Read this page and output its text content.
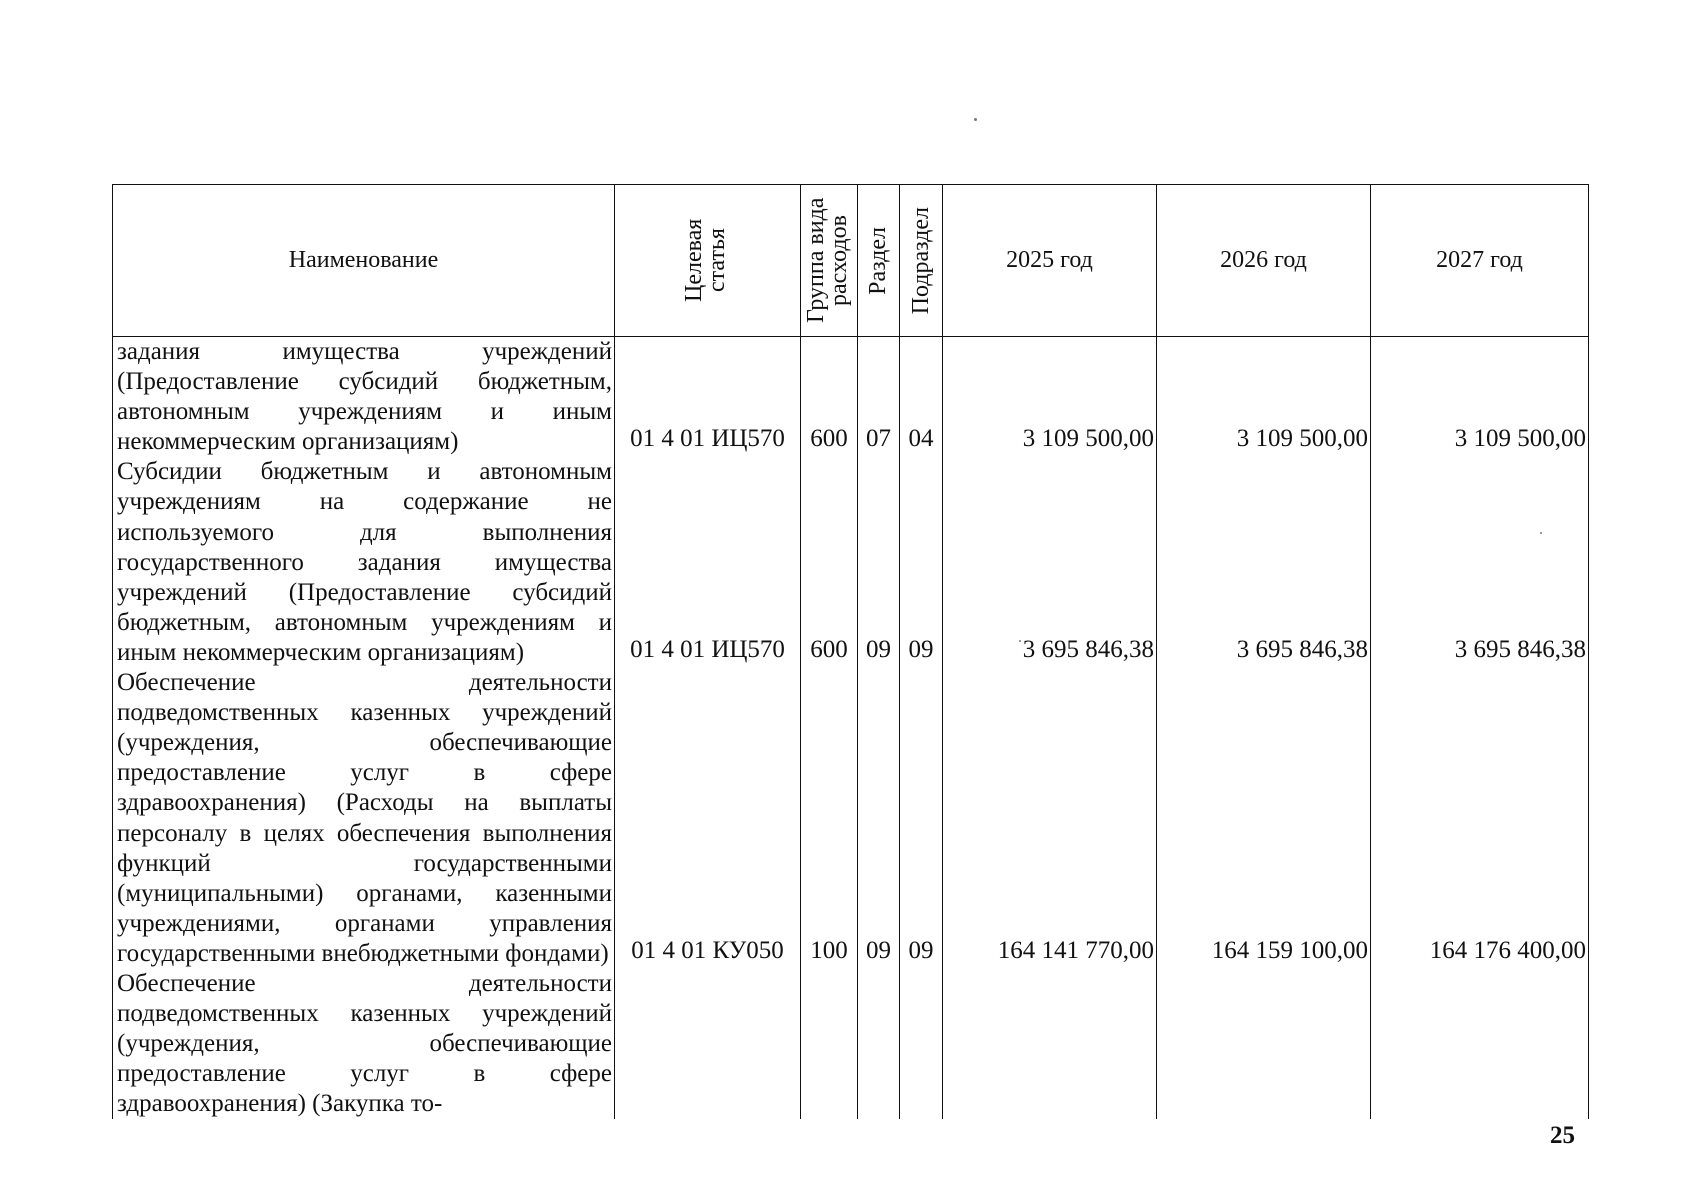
Наименование	Целевая статья	Группа вида расходов	Раздел	Подраздел	2025 год	2026 год	2027 год
задания имущества учреждений (Предоставление субсидий бюджетным, автономным учреждениям и иным некоммерческим организациям)	01 4 01 ИЦ570	600	07	04	3 109 500,00	3 109 500,00	3 109 500,00
Субсидии бюджетным и автономным учреждениям на содержание не используемого для выполнения государственного задания имущества учреждений (Предоставление субсидий бюджетным, автономным учреждениям и иным некоммерческим организациям)	01 4 01 ИЦ570	600	09	09	3 695 846,38	3 695 846,38	3 695 846,38
Обеспечение деятельности подведомственных казенных учреждений (учреждения, обеспечивающие предоставление услуг в сфере здравоохранения) (Расходы на выплаты персоналу в целях обеспечения выполнения функций государственными (муниципальными) органами, казенными учреждениями, органами управления государственными внебюджетными фондами)	01 4 01 КУ050	100	09	09	164 141 770,00	164 159 100,00	164 176 400,00
Обеспечение деятельности подведомственных казенных учреждений (учреждения, обеспечивающие предоставление услуг в сфере здравоохранения) (Закупка то-							
25
